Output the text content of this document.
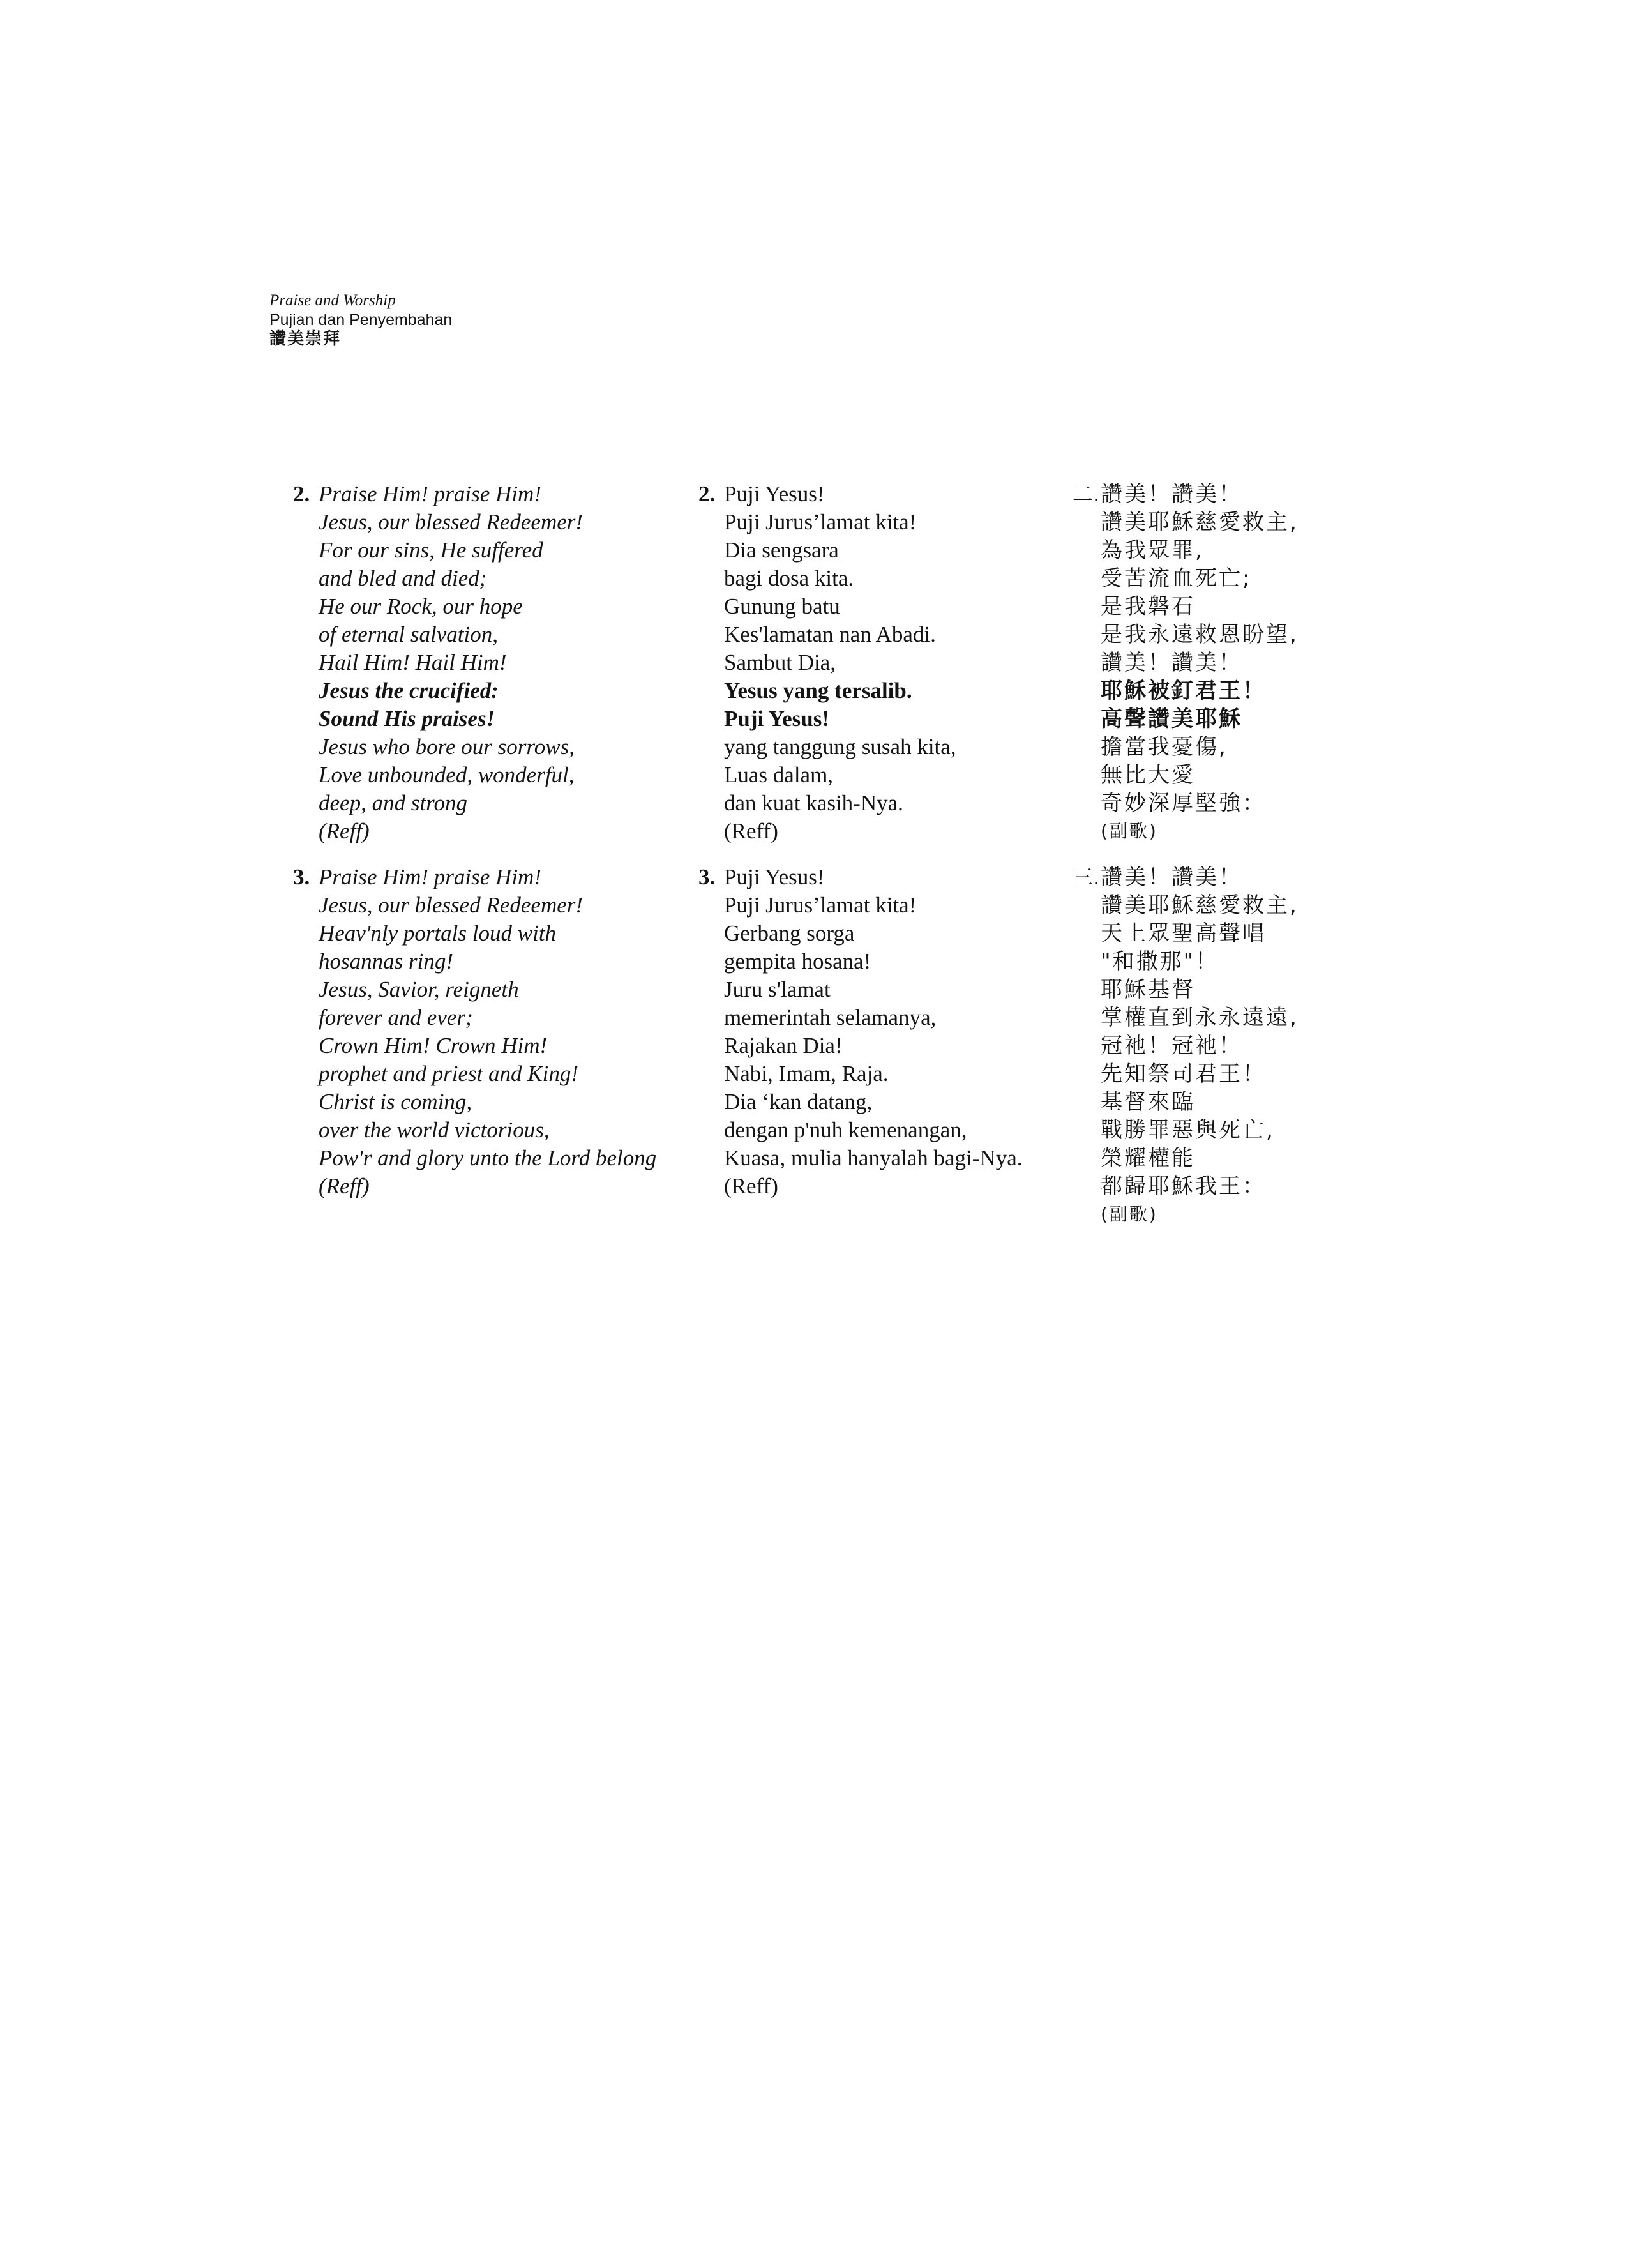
Praise and Worship
Pujian dan Penyembahan
讚美崇拜
2. Praise Him! praise Him!
Jesus, our blessed Redeemer!
For our sins, He suffered
and bled and died;
He our Rock, our hope
of eternal salvation,
Hail Him! Hail Him!
Jesus the crucified:
Sound His praises!
Jesus who bore our sorrows,
Love unbounded, wonderful,
deep, and strong
(Reff)
3. Praise Him! praise Him!
Jesus, our blessed Redeemer!
Heav'nly portals loud with
hosannas ring!
Jesus, Savior, reigneth
forever and ever;
Crown Him! Crown Him!
prophet and priest and King!
Christ is coming,
over the world victorious,
Pow'r and glory unto the Lord belong
(Reff)
2. Puji Yesus!
Puji Jurus’lamat kita!
Dia sengsara
bagi dosa kita.
Gunung batu
Kes'lamatan nan Abadi.
Sambut Dia,
Yesus yang tersalib.
Puji Yesus!
yang tanggung susah kita,
Luas dalam,
dan kuat kasih-Nya.
(Reff)
3. Puji Yesus!
Puji Jurus’lamat kita!
Gerbang sorga
gempita hosana!
Juru s'lamat
memerintah selamanya,
Rajakan Dia!
Nabi, Imam, Raja.
Dia ‘kan datang,
dengan p'nuh kemenangan,
Kuasa, mulia hanyalah bagi-Nya.
(Reff)
二. 讚美！讚美！
讚美耶穌慈愛救主,
為我眾罪,
受苦流血死亡;
是我磐石
是我永遠救恩盼望,
讚美！讚美！
耶穌被釘君王！
高聲讚美耶穌
擔當我憂傷,
無比大愛
奇妙深厚堅強：
(副歌)
三. 讚美！讚美！
讚美耶穌慈愛救主,
天上眾聖高聲唱
"和撒那"！
耶穌基督
掌權直到永永遠遠,
冠祂！冠祂！
先知祭司君王！
基督來臨
戰勝罪惡與死亡,
榮耀權能
都歸耶穌我王：
(副歌)
